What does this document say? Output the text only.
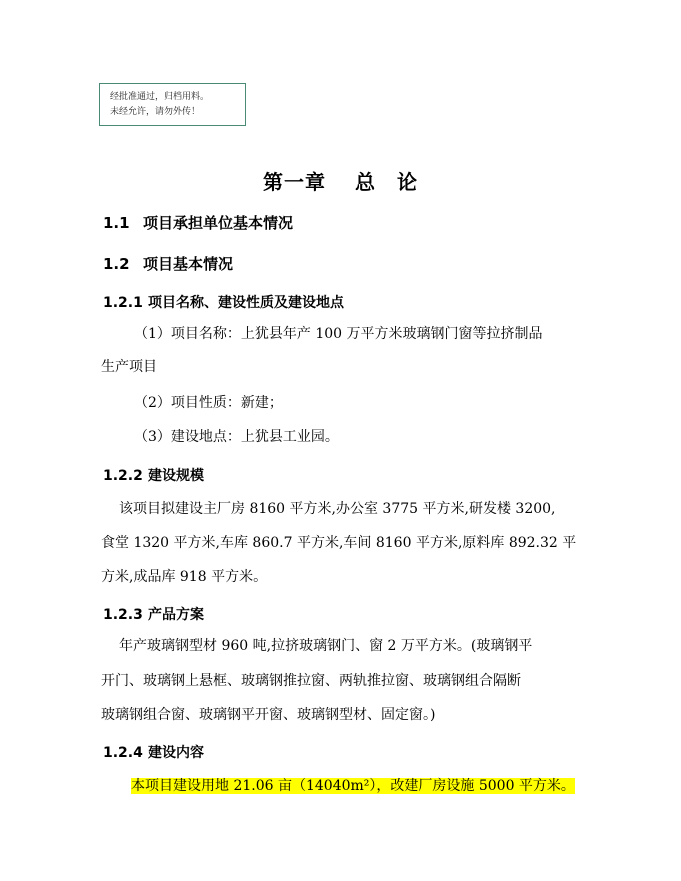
经批准通过，归档用料。
未经允许，请勿外传！
第一章　 总　论
1.1 项目承担单位基本情况
1.2 项目基本情况
1.2.1 项目名称、建设性质及建设地点
（1）项目名称：上犹县年产 100 万平方米玻璃钢门窗等拉挤制品
生产项目
（2）项目性质：新建；
（3）建设地点：上犹县工业园。
1.2.2 建设规模
该项目拟建设主厂房 8160 平方米,办公室 3775 平方米,研发楼 3200,
食堂 1320 平方米,车库 860.7 平方米,车间 8160 平方米,原料库 892.32 平
方米,成品库 918 平方米。
1.2.3 产品方案
年产玻璃钢型材 960 吨,拉挤玻璃钢门、窗 2 万平方米。(玻璃钢平
开门、玻璃钢上悬框、玻璃钢推拉窗、两轨推拉窗、玻璃钢组合隔断
玻璃钢组合窗、玻璃钢平开窗、玻璃钢型材、固定窗。)
1.2.4 建设内容
本项目建设用地 21.06 亩（14040m²），改建厂房设施 5000 平方米。
